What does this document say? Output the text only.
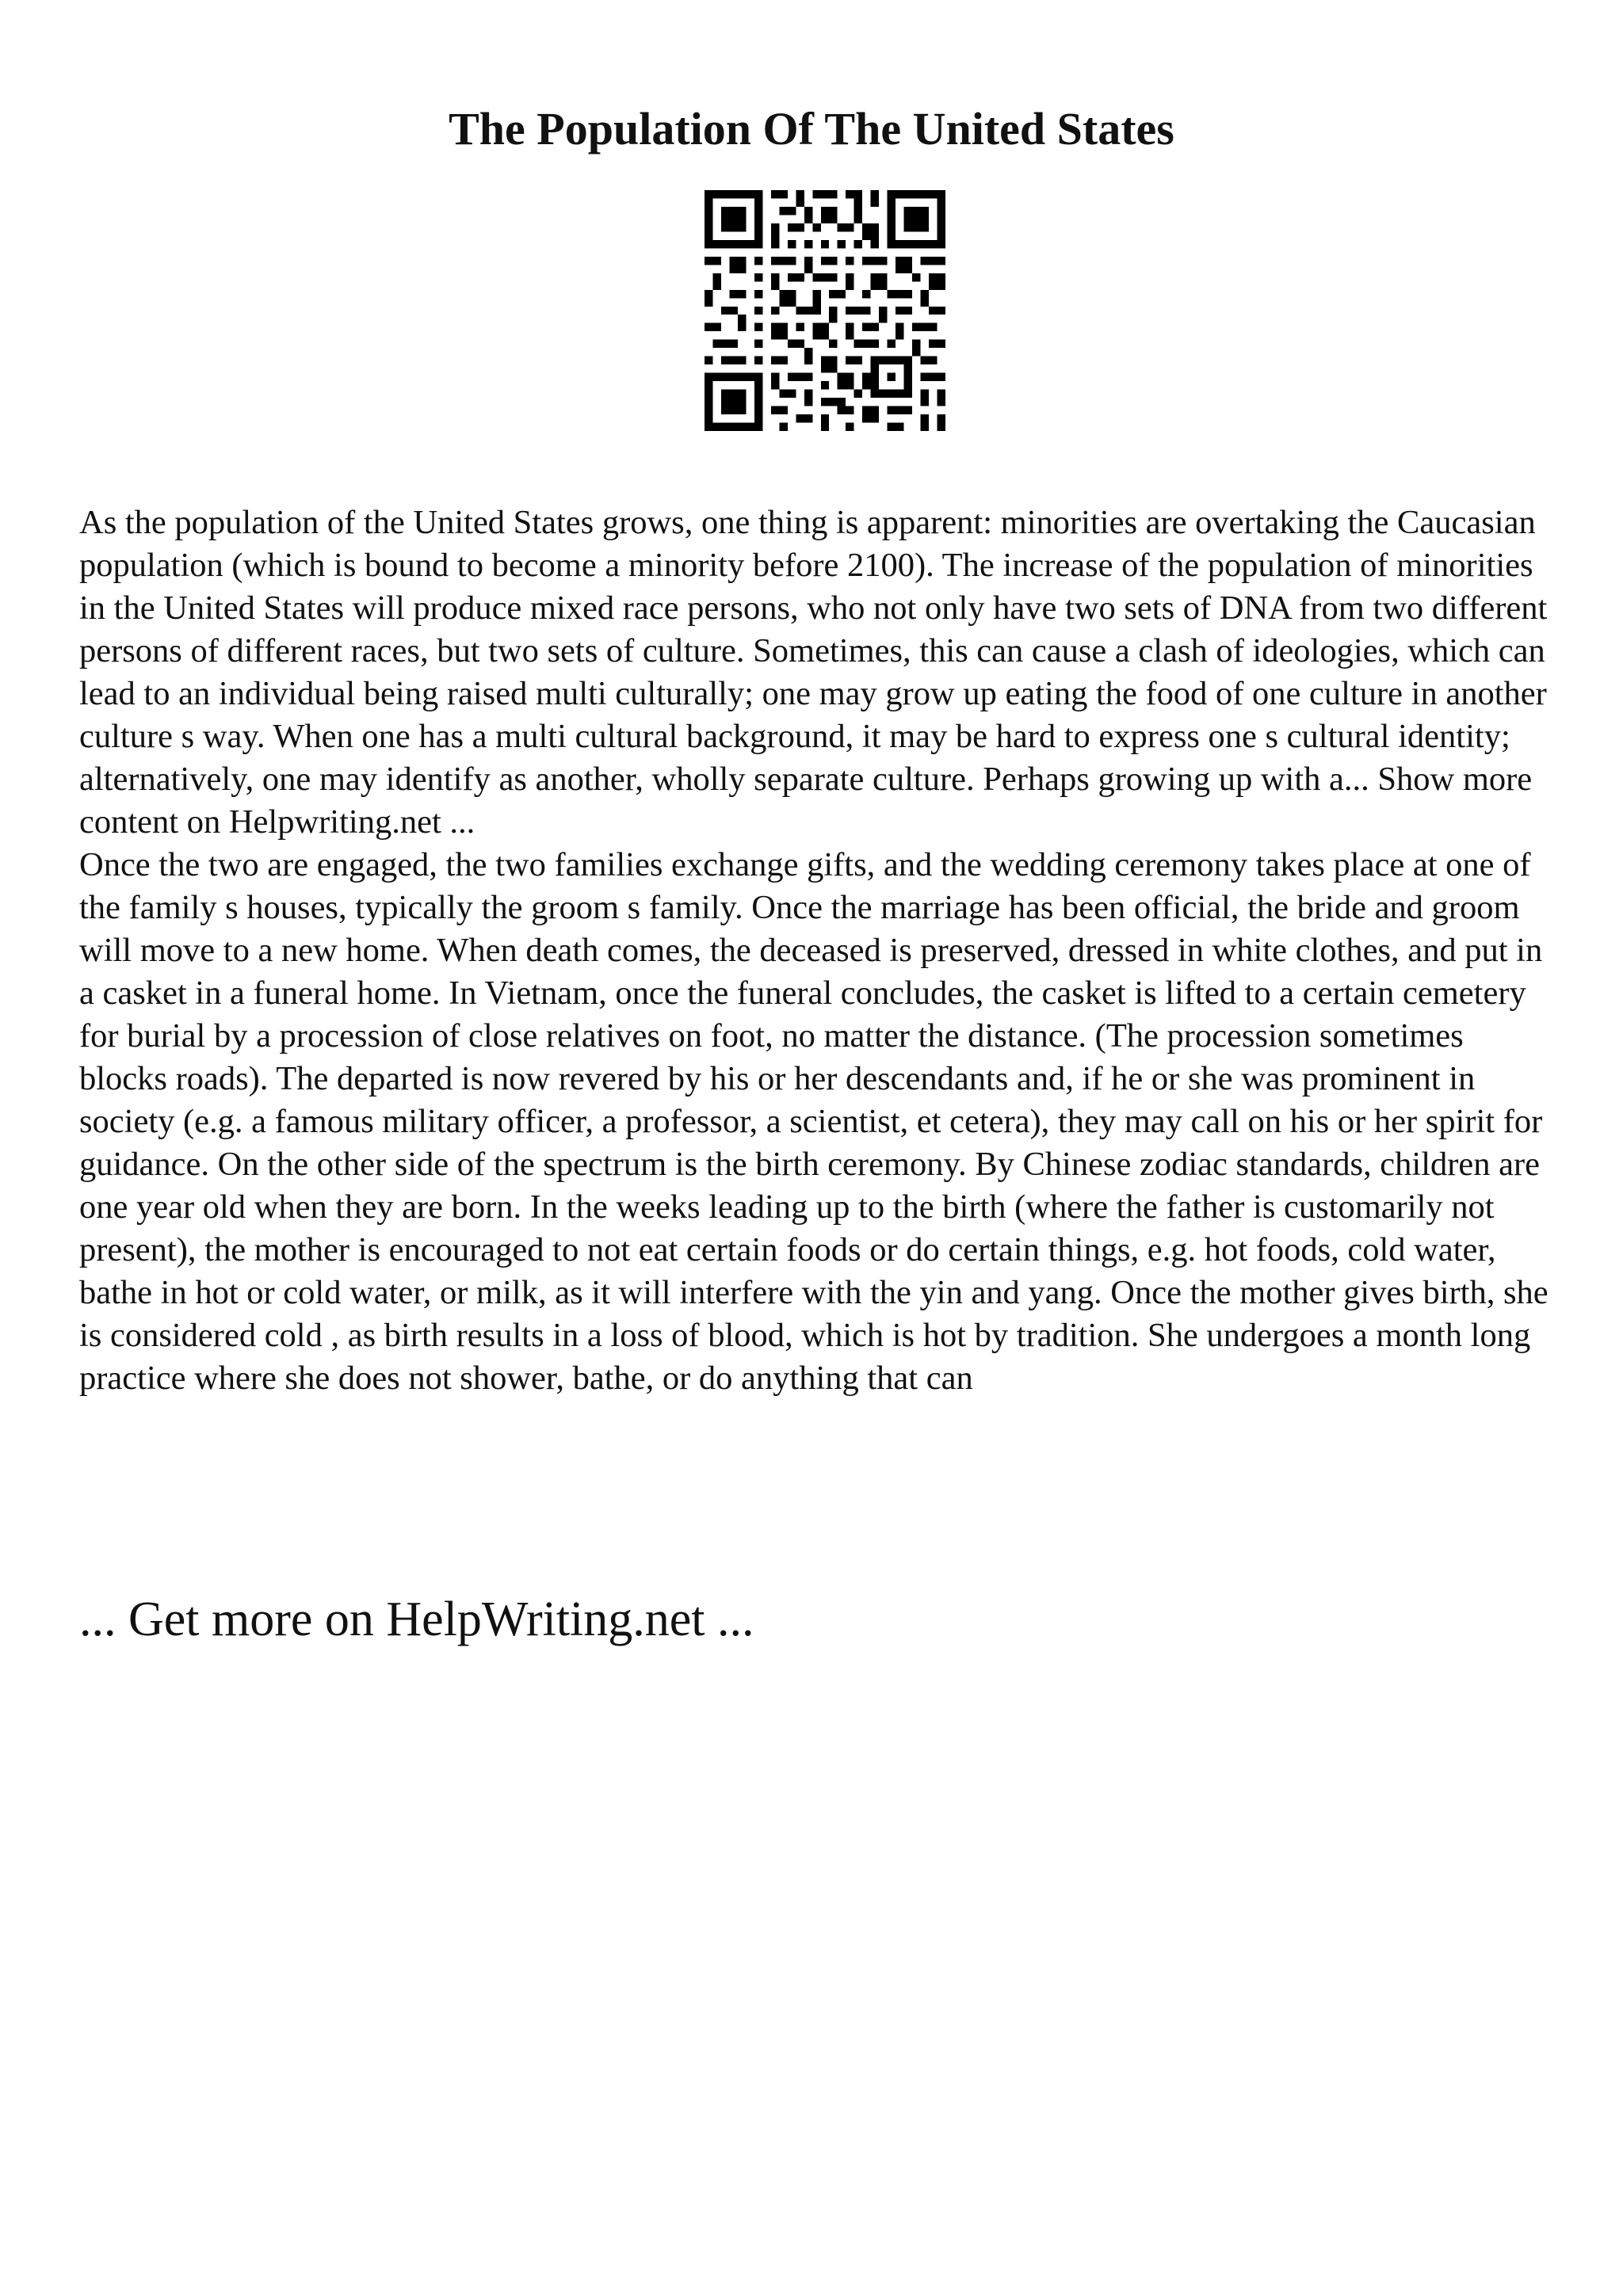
The Population Of The United States

As the population of the United States grows, one thing is apparent: minorities are overtaking the Caucasian population (which is bound to become a minority before 2100). The increase of the population of minorities in the United States will produce mixed race persons, who not only have two sets of DNA from two different persons of different races, but two sets of culture. Sometimes, this can cause a clash of ideologies, which can lead to an individual being raised multi culturally; one may grow up eating the food of one culture in another culture s way. When one has a multi cultural background, it may be hard to express one s cultural identity; alternatively, one may identify as another, wholly separate culture. Perhaps growing up with a... Show more content on Helpwriting.net ...

Once the two are engaged, the two families exchange gifts, and the wedding ceremony takes place at one of the family s houses, typically the groom s family. Once the marriage has been official, the bride and groom will move to a new home. When death comes, the deceased is preserved, dressed in white clothes, and put in a casket in a funeral home. In Vietnam, once the funeral concludes, the casket is lifted to a certain cemetery for burial by a procession of close relatives on foot, no matter the distance. (The procession sometimes blocks roads). The departed is now revered by his or her descendants and, if he or she was prominent in society (e.g. a famous military officer, a professor, a scientist, et cetera), they may call on his or her spirit for guidance. On the other side of the spectrum is the birth ceremony. By Chinese zodiac standards, children are one year old when they are born. In the weeks leading up to the birth (where the father is customarily not present), the mother is encouraged to not eat certain foods or do certain things, e.g. hot foods, cold water, bathe in hot or cold water, or milk, as it will interfere with the yin and yang. Once the mother gives birth, she is considered cold , as birth results in a loss of blood, which is hot by tradition. She undergoes a month long practice where she does not shower, bathe, or do anything that can

... Get more on HelpWriting.net ...
